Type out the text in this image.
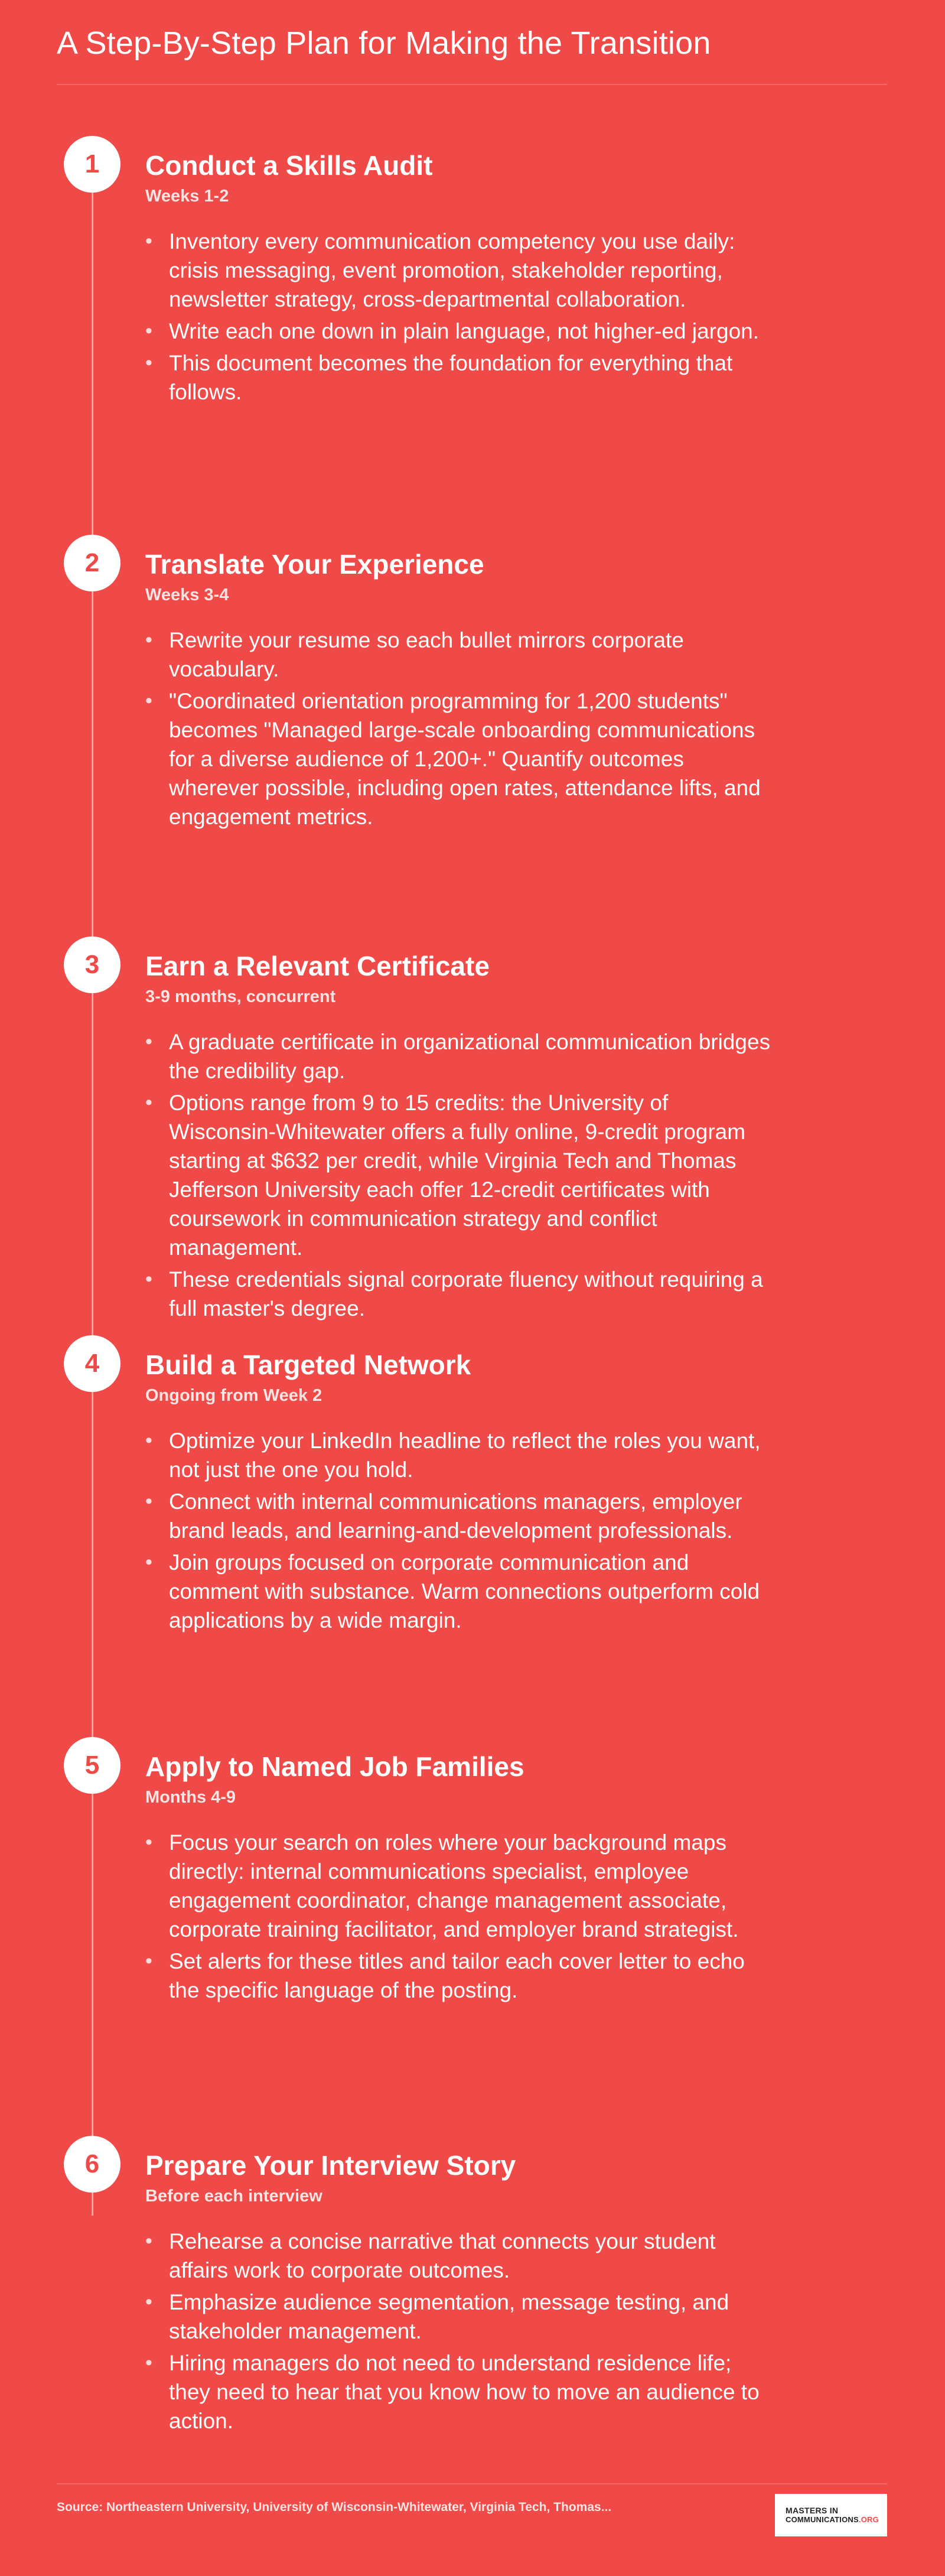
A Step-By-Step Plan for Making the Transition
1	Conduct a Skills Audit

Weeks 1-2

• Inventory every communication competency you use daily: crisis messaging, event promotion, stakeholder reporting, newsletter strategy, cross-departmental collaboration.
• Write each one down in plain language, not higher-ed jargon.
• This document becomes the foundation for everything that follows.
2	Translate Your Experience

Weeks 3-4

• Rewrite your resume so each bullet mirrors corporate vocabulary.
• "Coordinated orientation programming for 1,200 students" becomes "Managed large-scale onboarding communications for a diverse audience of 1,200+." Quantify outcomes wherever possible, including open rates, attendance lifts, and engagement metrics.
3	Earn a Relevant Certificate

3-9 months, concurrent

• A graduate certificate in organizational communication bridges the credibility gap.
• Options range from 9 to 15 credits: the University of Wisconsin-Whitewater offers a fully online, 9-credit program starting at $632 per credit, while Virginia Tech and Thomas Jefferson University each offer 12-credit certificates with coursework in communication strategy and conflict management.
• These credentials signal corporate fluency without requiring a full master's degree.
4	Build a Targeted Network

Ongoing from Week 2

• Optimize your LinkedIn headline to reflect the roles you want, not just the one you hold.
• Connect with internal communications managers, employer brand leads, and learning-and-development professionals.
• Join groups focused on corporate communication and comment with substance. Warm connections outperform cold applications by a wide margin.
5	Apply to Named Job Families

Months 4-9

• Focus your search on roles where your background maps directly: internal communications specialist, employee engagement coordinator, change management associate, corporate training facilitator, and employer brand strategist.
• Set alerts for these titles and tailor each cover letter to echo the specific language of the posting.
6	Prepare Your Interview Story

Before each interview

• Rehearse a concise narrative that connects your student affairs work to corporate outcomes.
• Emphasize audience segmentation, message testing, and stakeholder management.
• Hiring managers do not need to understand residence life; they need to hear that you know how to move an audience to action.
Source: Northeastern University, University of Wisconsin-Whitewater, Virginia Tech, Thomas...	MASTERS IN
COMMUNICATIONS.ORG
